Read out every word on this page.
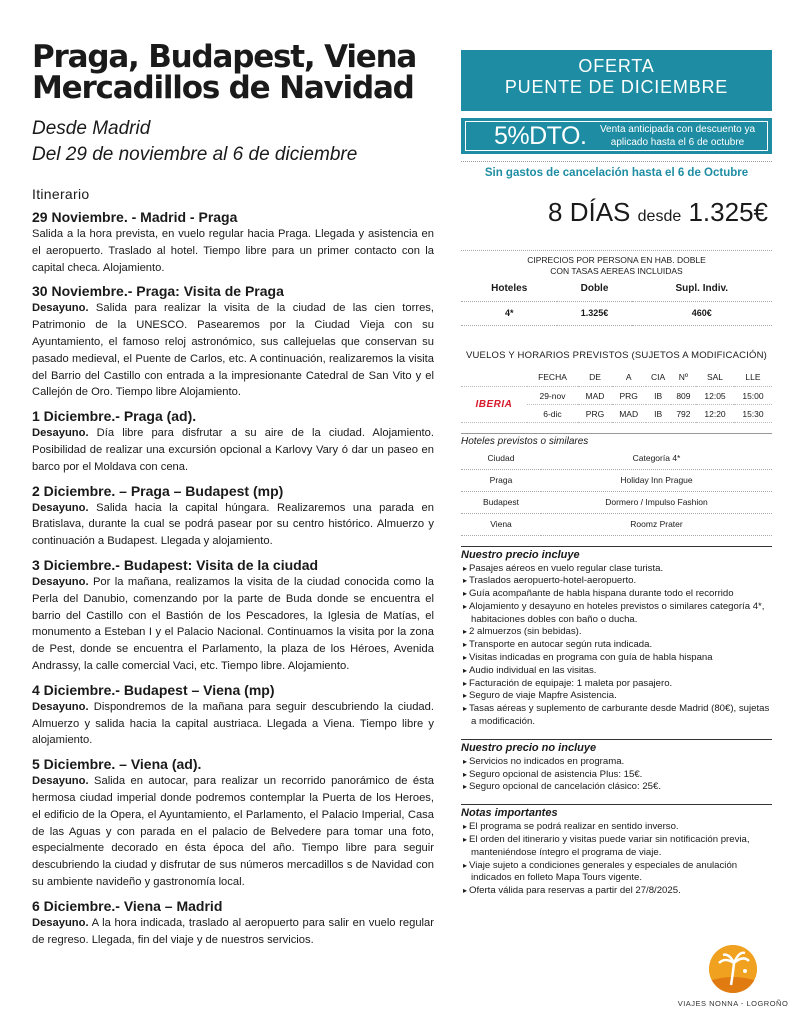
Praga, Budapest, Viena
Mercadillos de Navidad
Desde Madrid
Del 29 de noviembre al 6 de diciembre
Itinerario
29 Noviembre. - Madrid - Praga

Salida a la hora prevista, en vuelo regular hacia Praga. Llegada y asistencia en el aeropuerto. Traslado al hotel. Tiempo libre para un primer contacto con la capital checa. Alojamiento.

30 Noviembre.- Praga: Visita de Praga

Desayuno. Salida para realizar la visita de la ciudad de las cien torres, Patrimonio de la UNESCO. Pasearemos por la Ciudad Vieja con su Ayuntamiento, el famoso reloj astronómico, sus callejuelas que conservan su pasado medieval, el Puente de Carlos, etc. A continuación, realizaremos la visita del Barrio del Castillo con entrada a la impresionante Catedral de San Vito y el Callejón de Oro. Tiempo libre Alojamiento.

1 Diciembre.- Praga (ad).

Desayuno. Día libre para disfrutar a su aire de la ciudad. Alojamiento. Posibilidad de realizar una excursión opcional a Karlovy Vary ó dar un paseo en barco por el Moldava con cena.

2 Diciembre. – Praga – Budapest (mp)

Desayuno. Salida hacia la capital húngara. Realizaremos una parada en Bratislava, durante la cual se podrá pasear por su centro histórico. Almuerzo y continuación a Budapest. Llegada y alojamiento.

3 Diciembre.- Budapest: Visita de la ciudad

Desayuno. Por la mañana, realizamos la visita de la ciudad conocida como la Perla del Danubio, comenzando por la parte de Buda donde se encuentra el barrio del Castillo con el Bastión de los Pescadores, la Iglesia de Matías, el monumento a Esteban I y el Palacio Nacional. Continuamos la visita por la zona de Pest, donde se encuentra el Parlamento, la plaza de los Héroes, Avenida Andrassy, la calle comercial Vaci, etc. Tiempo libre. Alojamiento.

4 Diciembre.- Budapest – Viena (mp)

Desayuno. Dispondremos de la mañana para seguir descubriendo la ciudad. Almuerzo y salida hacia la capital austriaca. Llegada a Viena. Tiempo libre y alojamiento.

5 Diciembre. – Viena (ad).

Desayuno. Salida en autocar, para realizar un recorrido panorámico de ésta hermosa ciudad imperial donde podremos contemplar la Puerta de los Heroes, el edificio de la Opera, el Ayuntamiento, el Parlamento, el Palacio Imperial, Casa de las Aguas y con parada en el palacio de Belvedere para tomar una foto, especialmente decorado en ésta época del año. Tiempo libre para seguir descubriendo la ciudad y disfrutar de sus números mercadillos s de Navidad con su ambiente navideño y gastronomía local.

6 Diciembre.- Viena – Madrid

Desayuno. A la hora indicada, traslado al aeropuerto para salir en vuelo regular de regreso. Llegada, fin del viaje y de nuestros servicios.

OFERTA
PUENTE DE DICIEMBRE
5%DTO.	Venta anticipada con descuento ya
aplicado hasta el 6 de octubre
Sin gastos de cancelación hasta el 6 de Octubre
8 DÍAS desde 1.325€
CIPRECIOS POR PERSONA EN HAB. DOBLE
CON TASAS AEREAS INCLUIDAS
Hoteles	Doble	Supl. Indiv.
4*	1.325€	460€
VUELOS Y HORARIOS PREVISTOS (SUJETOS A MODIFICACIÓN)
	FECHA	DE	A	CIA	Nº	SAL	LLE
IBERIA	29-nov	MAD	PRG	IB	809	12:05	15:00
	6-dic	PRG	MAD	IB	792	12:20	15:30
Hoteles previstos o similares
Ciudad	Categoría 4*
Praga	Holiday Inn Prague
Budapest	Dormero / Impulso Fashion
Viena	Roomz Prater
Nuestro precio incluye
▸ Pasajes aéreos en vuelo regular clase turista.
▸ Traslados aeropuerto-hotel-aeropuerto.
▸ Guía acompañante de habla hispana durante todo el recorrido
▸ Alojamiento y desayuno en hoteles previstos o similares categoría 4*, habitaciones dobles con baño o ducha.
▸ 2 almuerzos (sin bebidas).
▸ Transporte en autocar según ruta indicada.
▸ Visitas indicadas en programa con guía de habla hispana
▸ Audio individual en las visitas.
▸ Facturación de equipaje: 1 maleta por pasajero.
▸ Seguro de viaje Mapfre Asistencia.
▸ Tasas aéreas y suplemento de carburante desde Madrid (80€), sujetas a modificación.
Nuestro precio no incluye
▸ Servicios no indicados en programa.
▸ Seguro opcional de asistencia Plus: 15€.
▸ Seguro opcional de cancelación clásico: 25€.
Notas importantes
▸ El programa se podrá realizar en sentido inverso.
▸ El orden del itinerario y visitas puede variar sin notificación previa, manteniéndose íntegro el programa de viaje.
▸ Viaje sujeto a condiciones generales y especiales de anulación indicados en folleto Mapa Tours vigente.
▸ Oferta válida para reservas a partir del 27/8/2025.
VIAJES NONNA - LOGROÑO
